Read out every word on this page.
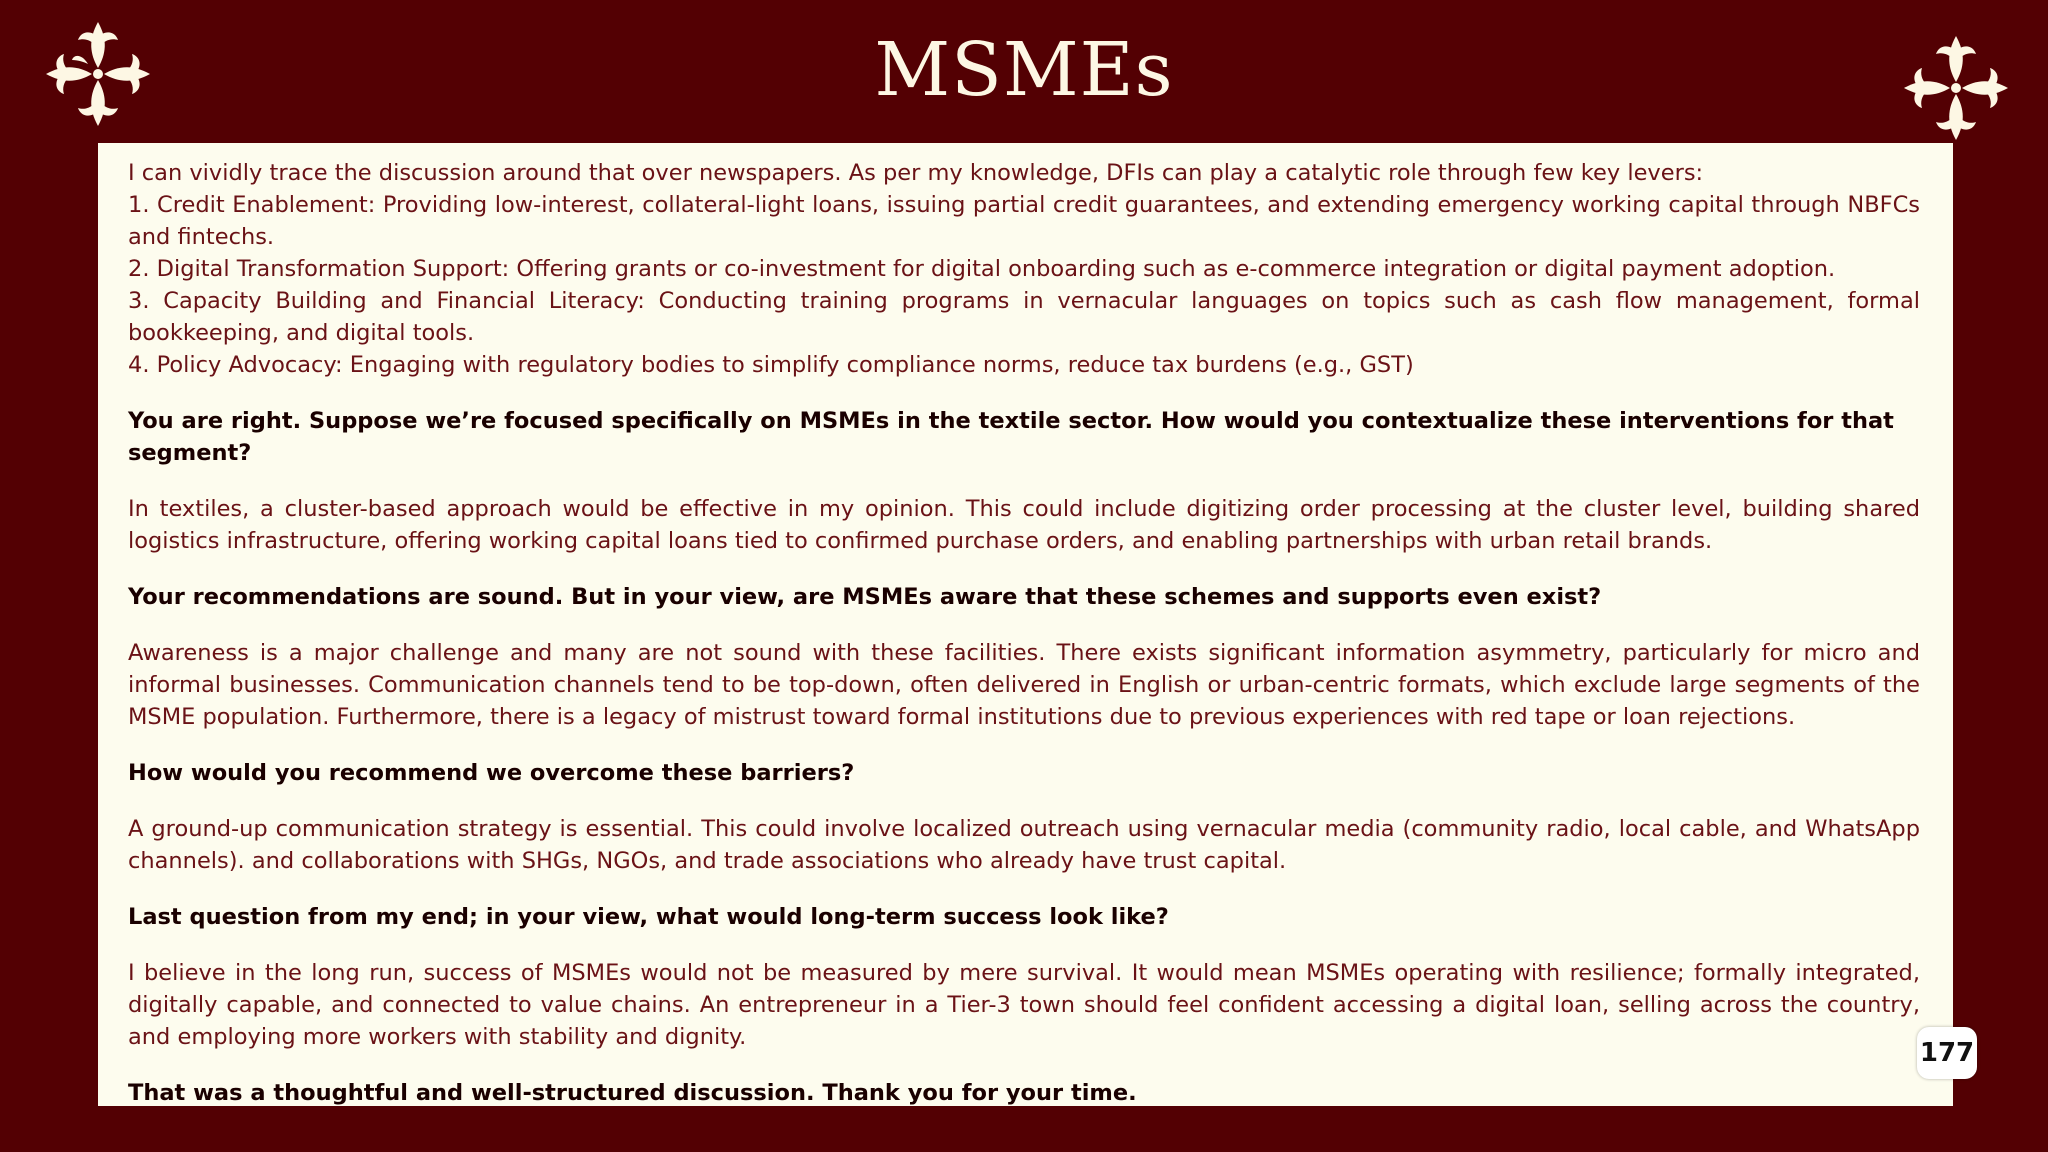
MSMEs
I can vividly trace the discussion around that over newspapers. As per my knowledge, DFIs can play a catalytic role through few key levers:
1. Credit Enablement: Providing low-interest, collateral-light loans, issuing partial credit guarantees, and extending emergency working capital through NBFCs and fintechs.
2. Digital Transformation Support: Offering grants or co-investment for digital onboarding such as e-commerce integration or digital payment adoption.
3. Capacity Building and Financial Literacy: Conducting training programs in vernacular languages on topics such as cash flow management, formal bookkeeping, and digital tools.
4. Policy Advocacy: Engaging with regulatory bodies to simplify compliance norms, reduce tax burdens (e.g., GST)

You are right. Suppose we’re focused specifically on MSMEs in the textile sector. How would you contextualize these interventions for that segment?

In textiles, a cluster-based approach would be effective in my opinion. This could include digitizing order processing at the cluster level, building shared logistics infrastructure, offering working capital loans tied to confirmed purchase orders, and enabling partnerships with urban retail brands.

Your recommendations are sound. But in your view, are MSMEs aware that these schemes and supports even exist?

Awareness is a major challenge and many are not sound with these facilities. There exists significant information asymmetry, particularly for micro and informal businesses. Communication channels tend to be top-down, often delivered in English or urban-centric formats, which exclude large segments of the MSME population. Furthermore, there is a legacy of mistrust toward formal institutions due to previous experiences with red tape or loan rejections.

How would you recommend we overcome these barriers?

A ground-up communication strategy is essential. This could involve localized outreach using vernacular media (community radio, local cable, and WhatsApp channels). and collaborations with SHGs, NGOs, and trade associations who already have trust capital.

Last question from my end; in your view, what would long-term success look like?

I believe in the long run, success of MSMEs would not be measured by mere survival. It would mean MSMEs operating with resilience; formally integrated, digitally capable, and connected to value chains. An entrepreneur in a Tier-3 town should feel confident accessing a digital loan, selling across the country, and employing more workers with stability and dignity.

That was a thoughtful and well-structured discussion. Thank you for your time.

177
